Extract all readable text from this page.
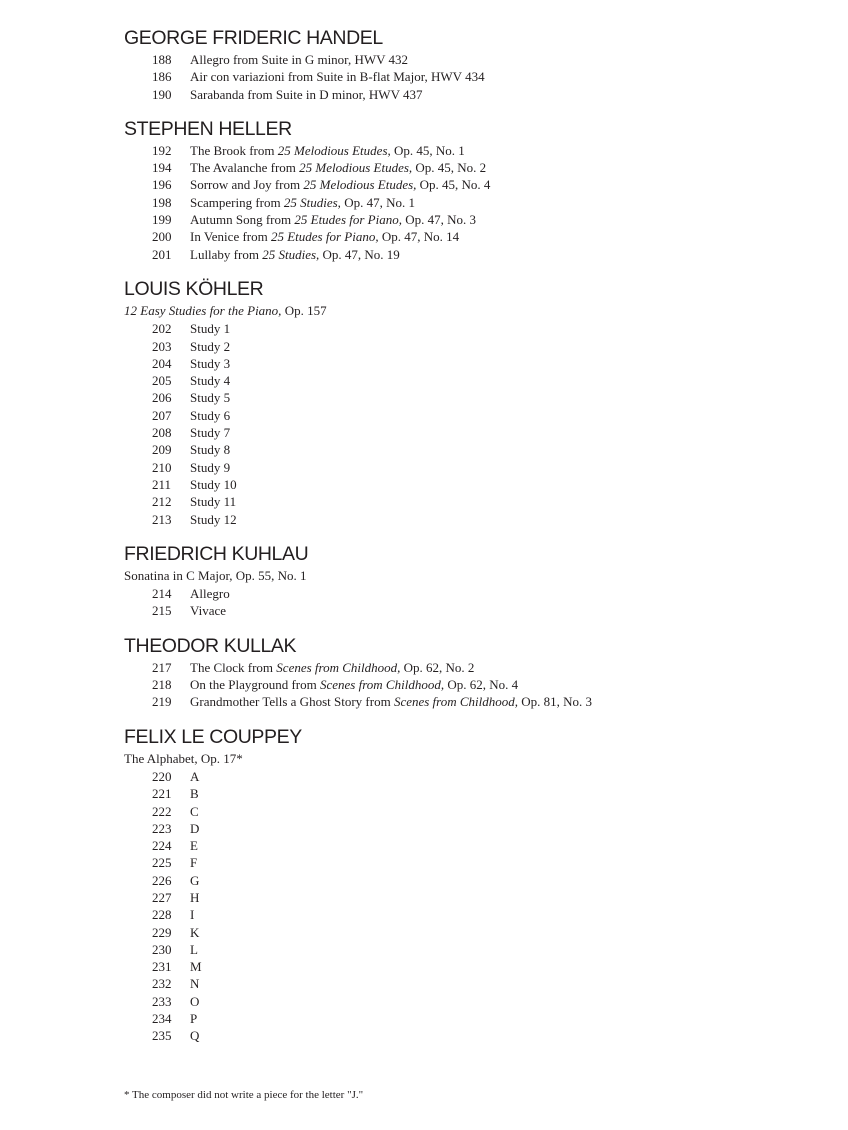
GEORGE FRIDERIC HANDEL
188	Allegro from Suite in G minor, HWV 432
186	Air con variazioni from Suite in B-flat Major, HWV 434
190	Sarabanda from Suite in D minor, HWV 437
STEPHEN HELLER
192	The Brook from 25 Melodious Etudes, Op. 45, No. 1
194	The Avalanche from 25 Melodious Etudes, Op. 45, No. 2
196	Sorrow and Joy from 25 Melodious Etudes, Op. 45, No. 4
198	Scampering from 25 Studies, Op. 47, No. 1
199	Autumn Song from 25 Etudes for Piano, Op. 47, No. 3
200	In Venice from 25 Etudes for Piano, Op. 47, No. 14
201	Lullaby from 25 Studies, Op. 47, No. 19
LOUIS KÖHLER
12 Easy Studies for the Piano, Op. 157
202	Study 1
203	Study 2
204	Study 3
205	Study 4
206	Study 5
207	Study 6
208	Study 7
209	Study 8
210	Study 9
211	Study 10
212	Study 11
213	Study 12
FRIEDRICH KUHLAU
Sonatina in C Major, Op. 55, No. 1
214	Allegro
215	Vivace
THEODOR KULLAK
217	The Clock from Scenes from Childhood, Op. 62, No. 2
218	On the Playground from Scenes from Childhood, Op. 62, No. 4
219	Grandmother Tells a Ghost Story from Scenes from Childhood, Op. 81, No. 3
FELIX LE COUPPEY
The Alphabet, Op. 17*
220	A
221	B
222	C
223	D
224	E
225	F
226	G
227	H
228	I
229	K
230	L
231	M
232	N
233	O
234	P
235	Q
* The composer did not write a piece for the letter "J."
